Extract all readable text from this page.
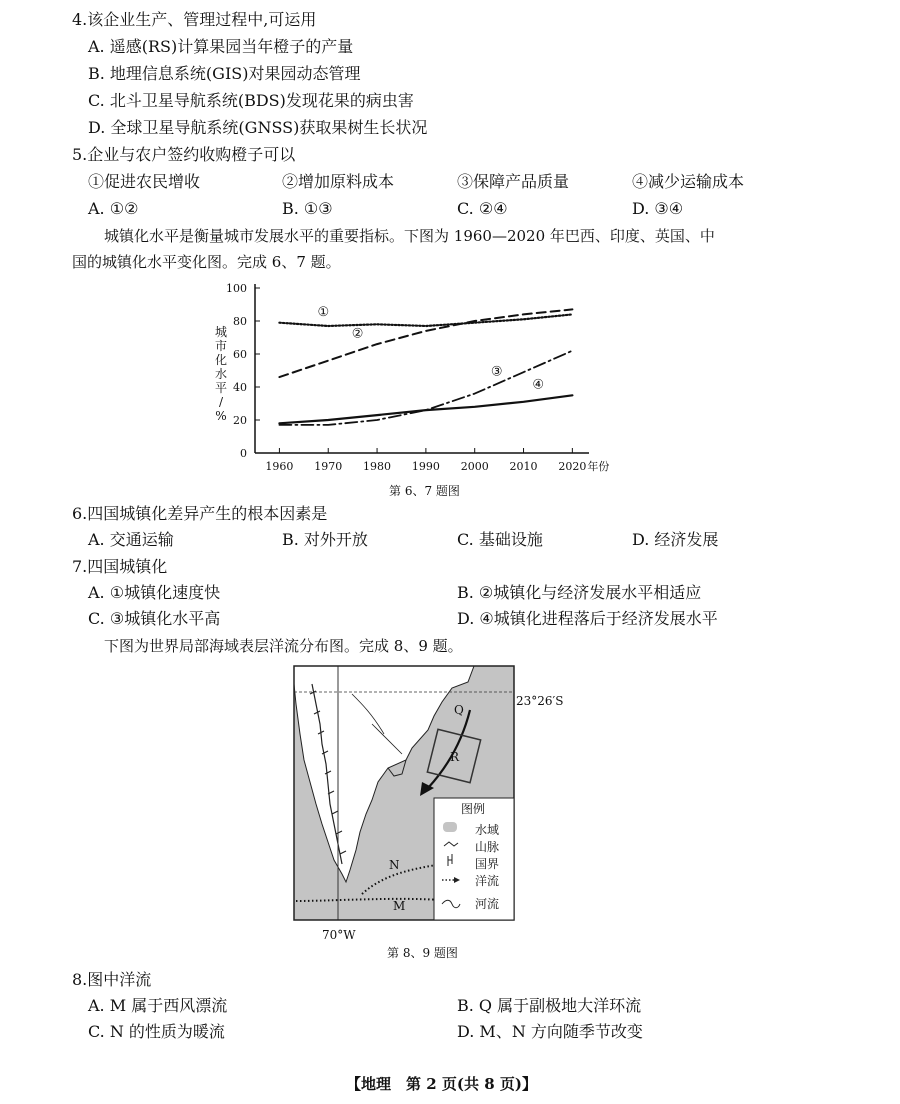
4.该企业生产、管理过程中,可运用
A. 遥感(RS)计算果园当年橙子的产量
B. 地理信息系统(GIS)对果园动态管理
C. 北斗卫星导航系统(BDS)发现花果的病虫害
D. 全球卫星导航系统(GNSS)获取果树生长状况
5.企业与农户签约收购橙子可以
①促进农民增收	②增加原料成本	③保障产品质量	④减少运输成本
A. ①②	B. ①③	C. ②④	D. ③④
城镇化水平是衡量城市发展水平的重要指标。下图为 1960—2020 年巴西、印度、英国、中
国的城镇化水平变化图。完成 6、7 题。
0
20
40
60
80
100
1960 1970 1980 1990 2000 2010 2020 年份
城
市
化
水
平
/
%
①
②
③
④
第 6、7 题图
6.四国城镇化差异产生的根本因素是
A. 交通运输	B. 对外开放	C. 基础设施	D. 经济发展
7.四国城镇化
A. ①城镇化速度快	B. ②城镇化与经济发展水平相适应
C. ③城镇化水平高	D. ④城镇化进程落后于经济发展水平
下图为世界局部海域表层洋流分布图。完成 8、9 题。
23°26′S
Q
R
N
M
70°W
图例
水域
山脉
国界
洋流
河流
第 8、9 题图
8.图中洋流
A. M 属于西风漂流	B. Q 属于副极地大洋环流
C. N 的性质为暖流	D. M、N 方向随季节改变
【地理　第 2 页(共 8 页)】
